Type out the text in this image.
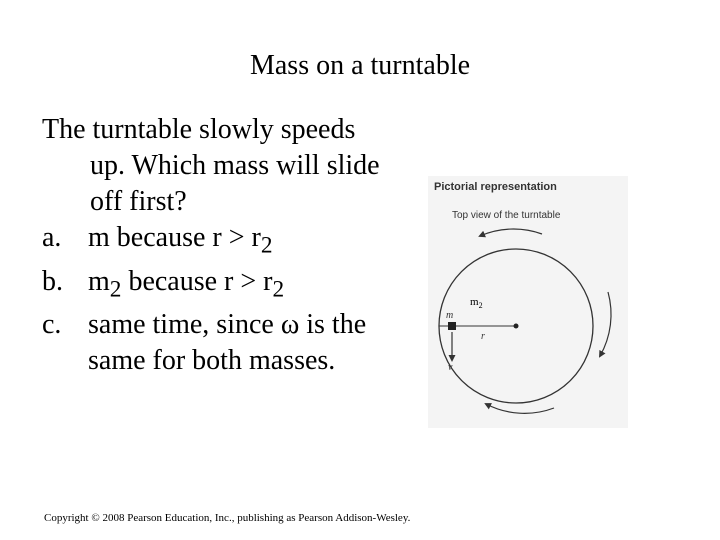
Mass on a turntable

The turntable slowly speeds up. Which mass will slide off first?

a. m because $r > r_2$
b. $m_2$ because $r > r_2$
c. same time, since ω is the same for both masses.
Pictorial representation
Top view of the turntable
v
m
r
$m_2$
Copyright © 2008 Pearson Education, Inc., publishing as Pearson Addison-Wesley.
